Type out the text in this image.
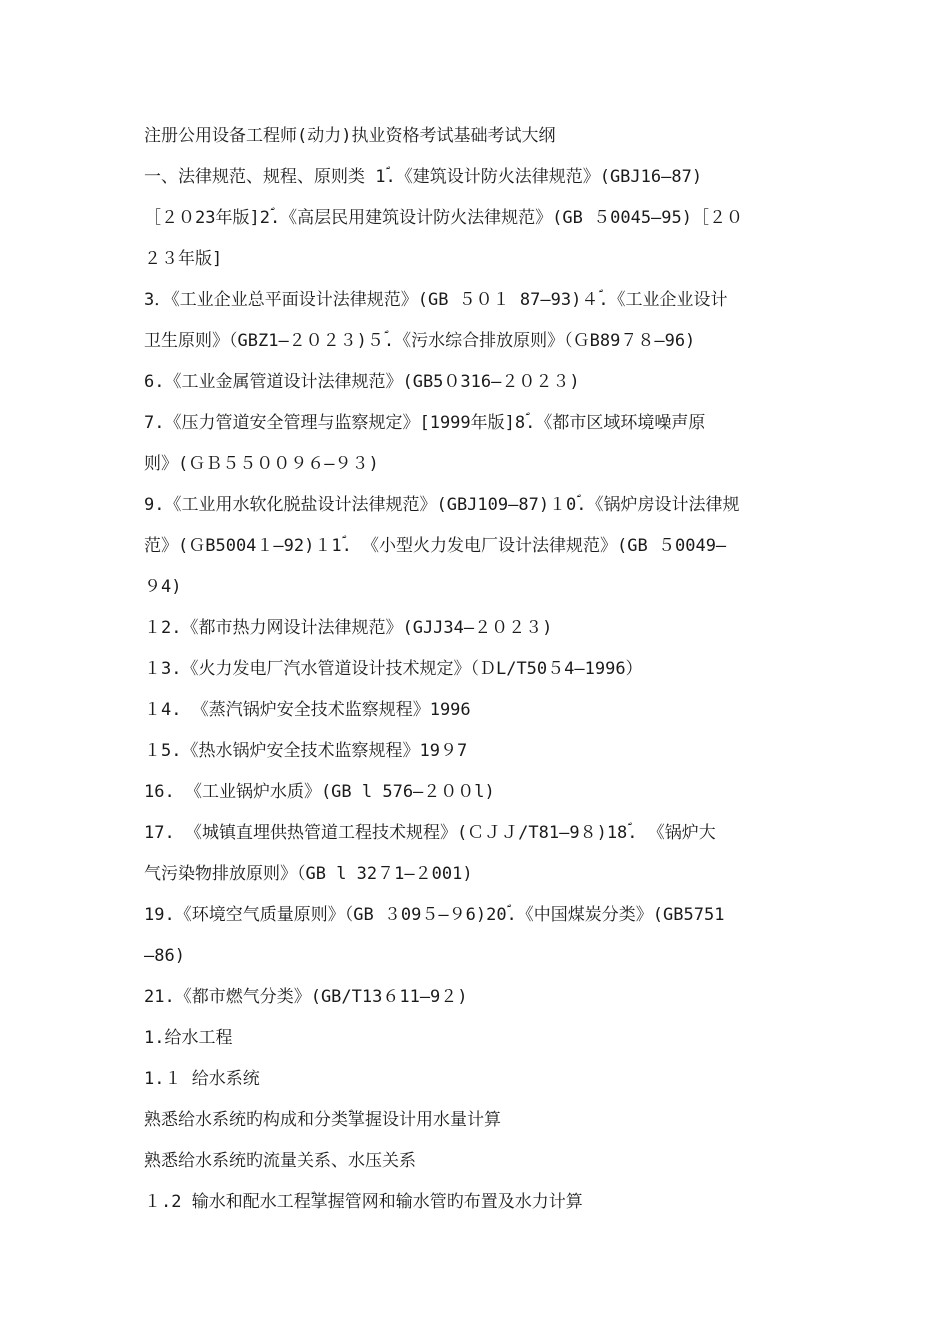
注册公用设备工程师(动力)执业资格考试基础考试大纲
一、法律规范、规程、原则类 1ؐ.《建筑设计防火法律规范》(GBJ16—87)
［２０23年版]2ؐ.《高层民用建筑设计防火法律规范》(GB ５0045—95)［２０
２３年版]
3．《工业企业总平面设计法律规范》(GB ５０１ 87—93)４ؐ.《工业企业设计
卫生原则》（GBZ1—２０２３)５ؐ.《污水综合排放原则》（ＧB89７８—96)
6.《工业金属管道设计法律规范》(GB5０316—２０２３)
7.《压力管道安全管理与监察规定》[1999年版]8ؐ.《都市区域环境噪声原
则》(ＧＢ５５００９６—９３)
9.《工业用水软化脱盐设计法律规范》(GBJ109—87)１0ؐ.《锅炉房设计法律规
范》(ＧB5004１—92)１1ؐ. 《小型火力发电厂设计法律规范》(GB ５0049—
９4)
１2.《都市热力网设计法律规范》(GJJ34—２０２３)
１3.《火力发电厂汽水管道设计技术规定》（ＤL/T50５4—1996）
１4. 《蒸汽锅炉安全技术监察规程》1996
１5.《热水锅炉安全技术监察规程》19９7
16. 《工业锅炉水质》(GB l 576—２００l)
17. 《城镇直埋供热管道工程技术规程》(ＣＪＪ/T81—9８)18ؐ. 《锅炉大
气污染物排放原则》（GB l 32７1—２001)
19.《环境空气质量原则》（GB ３09５—９6)20ؐ.《中国煤炭分类》(GB5751
—86)
21.《都市燃气分类》(GB/T13６11—9２)
1.给水工程
1.１ 给水系统
熟悉给水系统旳构成和分类ؐ掌握设计用水量计算
熟悉给水系统旳流量关系、水压关系
１.2 输水和配水工程ؐ掌握管网和输水管旳布置及水力计算
